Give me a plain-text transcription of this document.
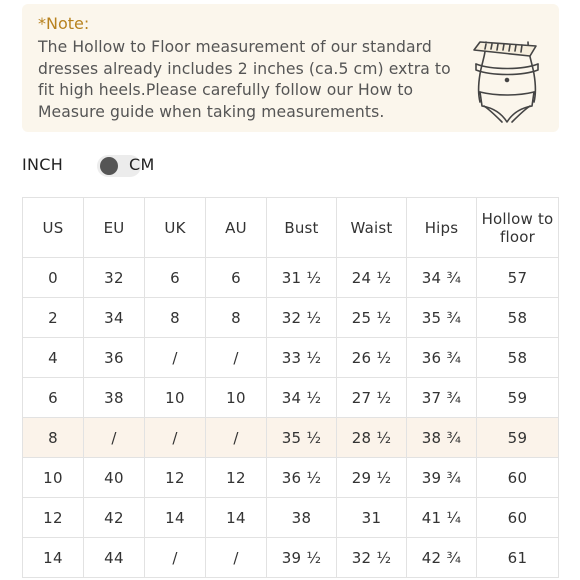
*Note:
The Hollow to Floor measurement of our standard dresses already includes 2 inches (ca.5 cm) extra to fit high heels.Please carefully follow our How to Measure guide when taking measurements.
INCH	CM
US	EU	UK	AU	Bust	Waist	Hips	Hollow to floor
0	32	6	6	31 ½	24 ½	34 ¾	57
2	34	8	8	32 ½	25 ½	35 ¾	58
4	36	/	/	33 ½	26 ½	36 ¾	58
6	38	10	10	34 ½	27 ½	37 ¾	59
8	/	/	/	35 ½	28 ½	38 ¾	59
10	40	12	12	36 ½	29 ½	39 ¾	60
12	42	14	14	38	31	41 ¼	60
14	44	/	/	39 ½	32 ½	42 ¾	61
